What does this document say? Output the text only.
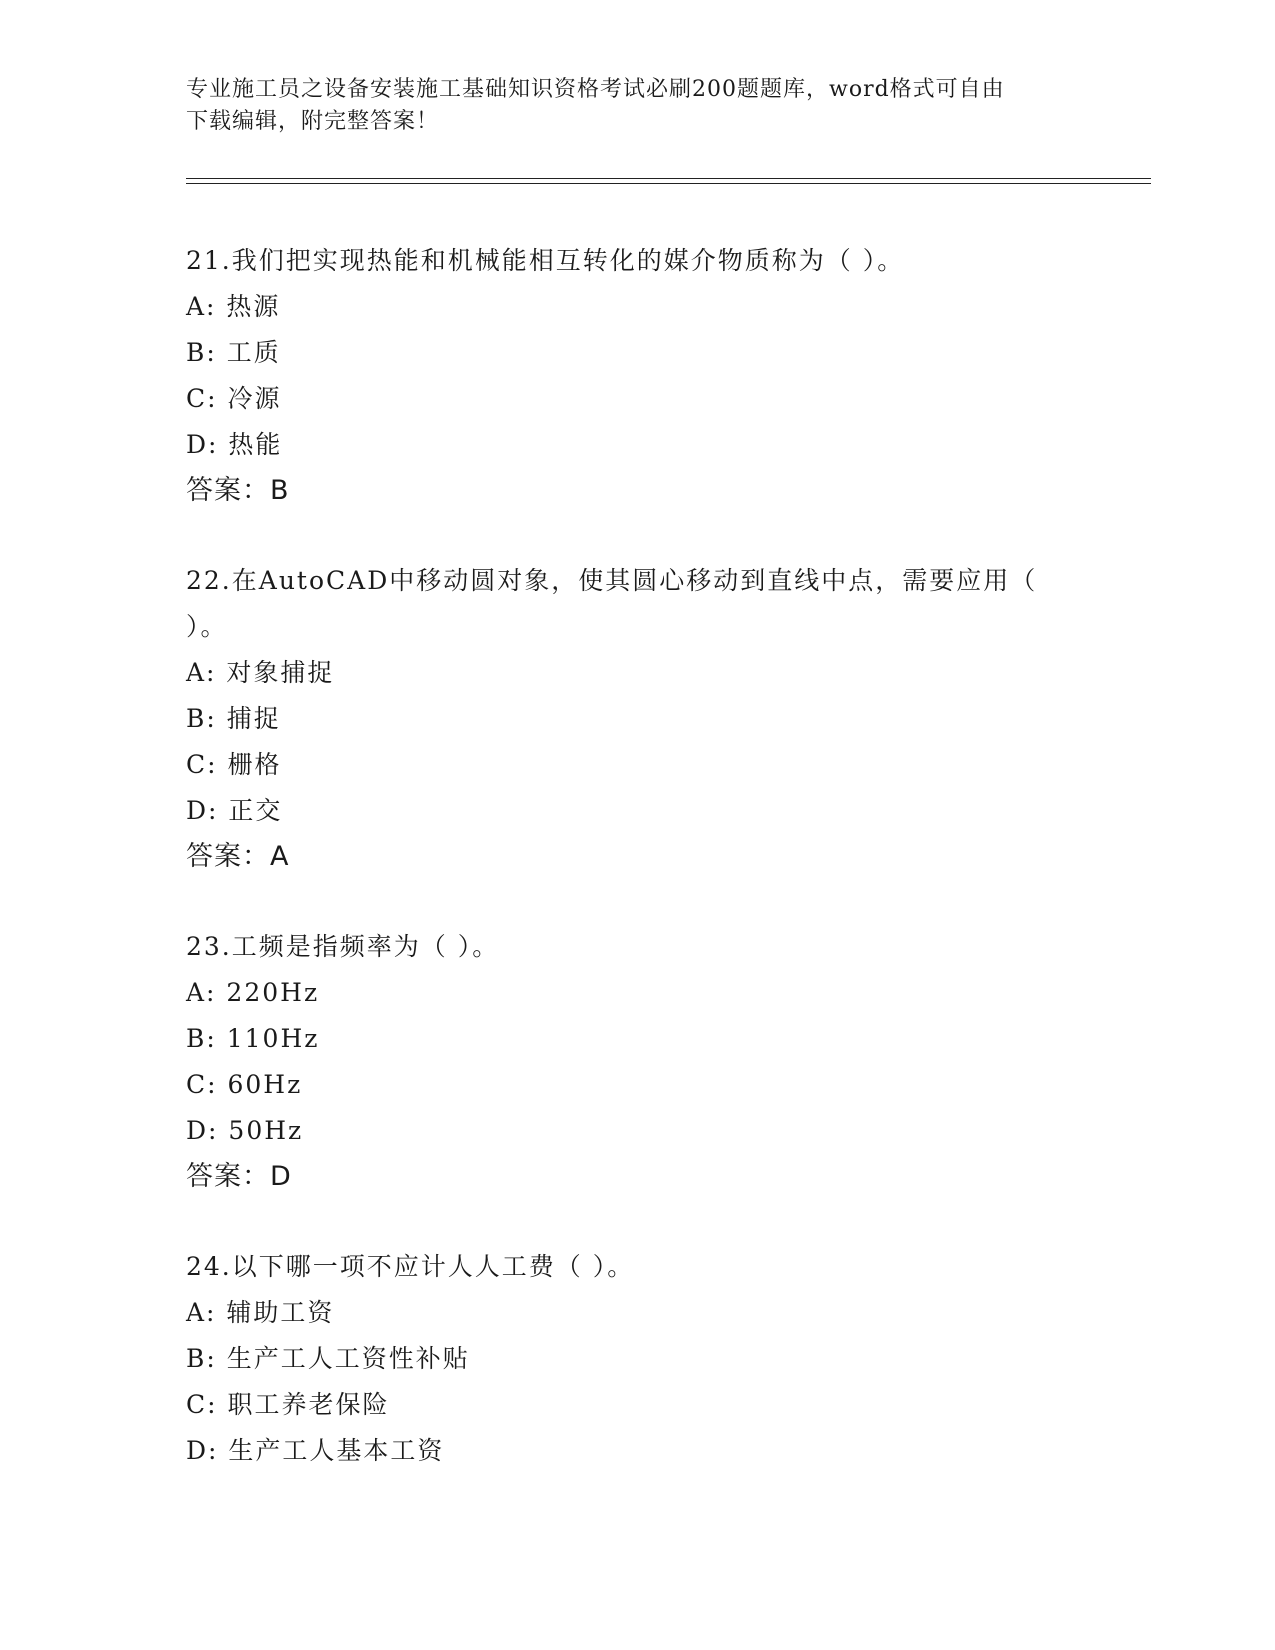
专业施工员之设备安装施工基础知识资格考试必刷200题题库，word格式可自由
下载编辑，附完整答案！

21.我们把实现热能和机械能相互转化的媒介物质称为（ ）。

A: 热源

B: 工质

C: 冷源

D: 热能

答案：B

22.在AutoCAD中移动圆对象，使其圆心移动到直线中点，需要应用（ ）。

A: 对象捕捉

B: 捕捉

C: 栅格

D: 正交

答案：A

23.工频是指频率为（ ）。

A: 220Hz

B: 110Hz

C: 60Hz

D: 50Hz

答案：D

24.以下哪一项不应计人人工费（ ）。

A: 辅助工资

B: 生产工人工资性补贴

C: 职工养老保险

D: 生产工人基本工资
